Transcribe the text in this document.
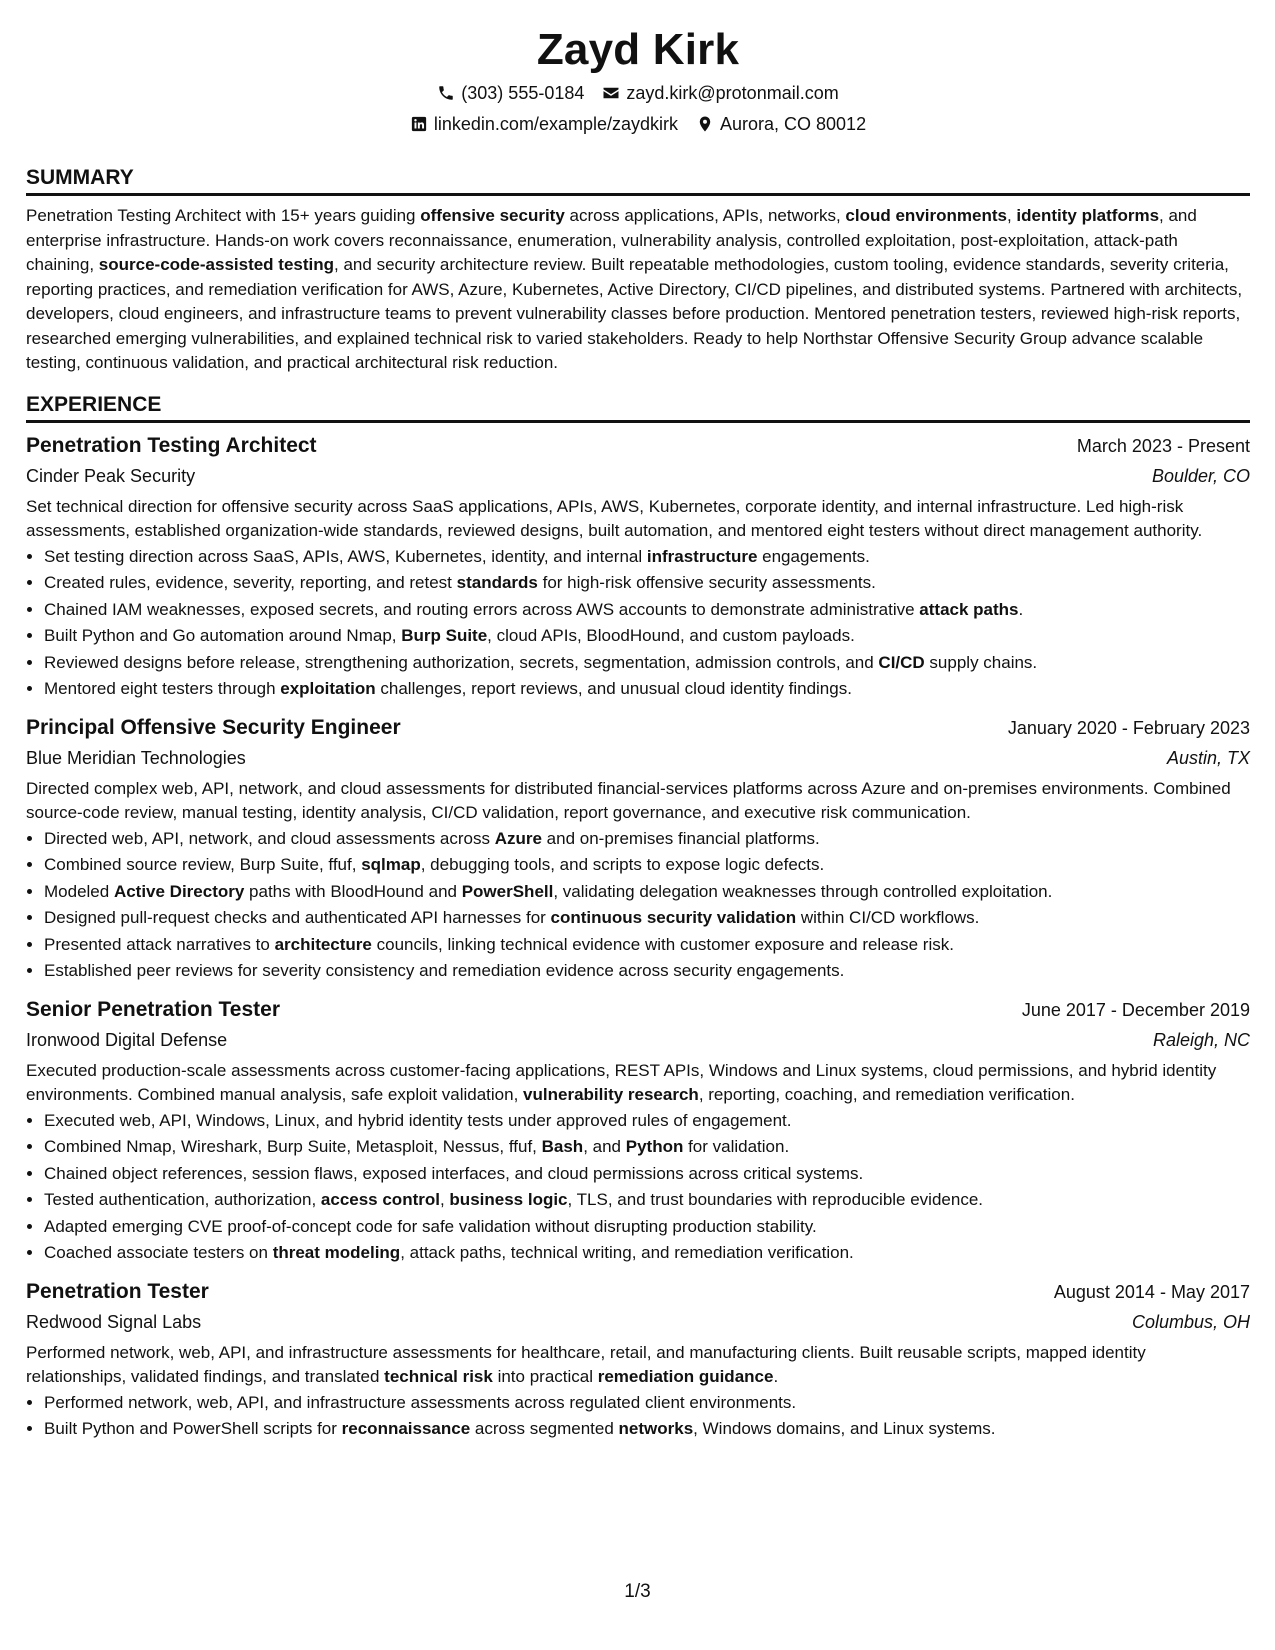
Zayd Kirk
(303) 555-0184 zayd.kirk@protonmail.com
linkedin.com/example/zaydkirk Aurora, CO 80012
SUMMARY
Penetration Testing Architect with 15+ years guiding offensive security across applications, APIs, networks, cloud environments, identity platforms, and enterprise infrastructure. Hands-on work covers reconnaissance, enumeration, vulnerability analysis, controlled exploitation, post-exploitation, attack-path chaining, source-code-assisted testing, and security architecture review. Built repeatable methodologies, custom tooling, evidence standards, severity criteria, reporting practices, and remediation verification for AWS, Azure, Kubernetes, Active Directory, CI/CD pipelines, and distributed systems. Partnered with architects, developers, cloud engineers, and infrastructure teams to prevent vulnerability classes before production. Mentored penetration testers, reviewed high-risk reports, researched emerging vulnerabilities, and explained technical risk to varied stakeholders. Ready to help Northstar Offensive Security Group advance scalable testing, continuous validation, and practical architectural risk reduction.
EXPERIENCE
Penetration Testing Architect	March 2023 - Present
Cinder Peak Security	Boulder, CO
Set technical direction for offensive security across SaaS applications, APIs, AWS, Kubernetes, corporate identity, and internal infrastructure. Led high-risk assessments, established organization-wide standards, reviewed designs, built automation, and mentored eight testers without direct management authority.
• Set testing direction across SaaS, APIs, AWS, Kubernetes, identity, and internal infrastructure engagements.
• Created rules, evidence, severity, reporting, and retest standards for high-risk offensive security assessments.
• Chained IAM weaknesses, exposed secrets, and routing errors across AWS accounts to demonstrate administrative attack paths.
• Built Python and Go automation around Nmap, Burp Suite, cloud APIs, BloodHound, and custom payloads.
• Reviewed designs before release, strengthening authorization, secrets, segmentation, admission controls, and CI/CD supply chains.
• Mentored eight testers through exploitation challenges, report reviews, and unusual cloud identity findings.
Principal Offensive Security Engineer	January 2020 - February 2023
Blue Meridian Technologies	Austin, TX
Directed complex web, API, network, and cloud assessments for distributed financial-services platforms across Azure and on-premises environments. Combined source-code review, manual testing, identity analysis, CI/CD validation, report governance, and executive risk communication.
• Directed web, API, network, and cloud assessments across Azure and on-premises financial platforms.
• Combined source review, Burp Suite, ffuf, sqlmap, debugging tools, and scripts to expose logic defects.
• Modeled Active Directory paths with BloodHound and PowerShell, validating delegation weaknesses through controlled exploitation.
• Designed pull-request checks and authenticated API harnesses for continuous security validation within CI/CD workflows.
• Presented attack narratives to architecture councils, linking technical evidence with customer exposure and release risk.
• Established peer reviews for severity consistency and remediation evidence across security engagements.
Senior Penetration Tester	June 2017 - December 2019
Ironwood Digital Defense	Raleigh, NC
Executed production-scale assessments across customer-facing applications, REST APIs, Windows and Linux systems, cloud permissions, and hybrid identity environments. Combined manual analysis, safe exploit validation, vulnerability research, reporting, coaching, and remediation verification.
• Executed web, API, Windows, Linux, and hybrid identity tests under approved rules of engagement.
• Combined Nmap, Wireshark, Burp Suite, Metasploit, Nessus, ffuf, Bash, and Python for validation.
• Chained object references, session flaws, exposed interfaces, and cloud permissions across critical systems.
• Tested authentication, authorization, access control, business logic, TLS, and trust boundaries with reproducible evidence.
• Adapted emerging CVE proof-of-concept code for safe validation without disrupting production stability.
• Coached associate testers on threat modeling, attack paths, technical writing, and remediation verification.
Penetration Tester	August 2014 - May 2017
Redwood Signal Labs	Columbus, OH
Performed network, web, API, and infrastructure assessments for healthcare, retail, and manufacturing clients. Built reusable scripts, mapped identity relationships, validated findings, and translated technical risk into practical remediation guidance.
• Performed network, web, API, and infrastructure assessments across regulated client environments.
• Built Python and PowerShell scripts for reconnaissance across segmented networks, Windows domains, and Linux systems.
1/3
